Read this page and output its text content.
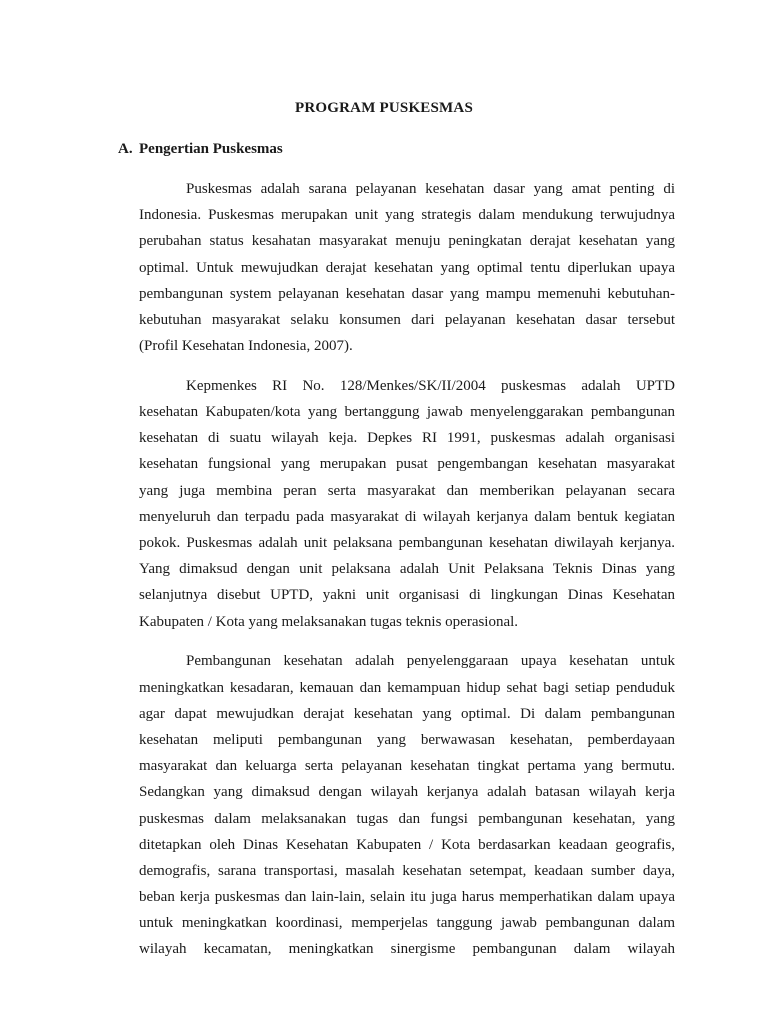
PROGRAM PUSKESMAS
A. Pengertian Puskesmas
Puskesmas adalah sarana pelayanan kesehatan dasar yang amat penting di
Indonesia. Puskesmas merupakan unit yang strategis dalam mendukung terwujudnya
perubahan status kesahatan masyarakat menuju peningkatan derajat kesehatan yang
optimal. Untuk mewujudkan derajat kesehatan yang optimal tentu diperlukan upaya
pembangunan system pelayanan kesehatan dasar yang mampu memenuhi kebutuhan-
kebutuhan masyarakat selaku konsumen dari pelayanan kesehatan dasar tersebut
(Profil Kesehatan Indonesia, 2007).
Kepmenkes RI No. 128/Menkes/SK/II/2004 puskesmas adalah UPTD
kesehatan Kabupaten/kota yang bertanggung jawab menyelenggarakan pembangunan
kesehatan di suatu wilayah keja. Depkes RI 1991, puskesmas adalah organisasi
kesehatan fungsional yang merupakan pusat pengembangan kesehatan masyarakat
yang juga membina peran serta masyarakat dan memberikan pelayanan secara
menyeluruh dan terpadu pada masyarakat di wilayah kerjanya dalam bentuk kegiatan
pokok. Puskesmas adalah unit pelaksana pembangunan kesehatan diwilayah kerjanya.
Yang dimaksud dengan unit pelaksana adalah Unit Pelaksana Teknis Dinas yang
selanjutnya disebut UPTD, yakni unit organisasi di lingkungan Dinas Kesehatan
Kabupaten / Kota yang melaksanakan tugas teknis operasional.
Pembangunan kesehatan adalah penyelenggaraan upaya kesehatan untuk
meningkatkan kesadaran, kemauan dan kemampuan hidup sehat bagi setiap penduduk
agar dapat mewujudkan derajat kesehatan yang optimal. Di dalam pembangunan
kesehatan meliputi pembangunan yang berwawasan kesehatan, pemberdayaan
masyarakat dan keluarga serta pelayanan kesehatan tingkat pertama yang bermutu.
Sedangkan yang dimaksud dengan wilayah kerjanya adalah batasan wilayah kerja
puskesmas dalam melaksanakan tugas dan fungsi pembangunan kesehatan, yang
ditetapkan oleh Dinas Kesehatan Kabupaten / Kota berdasarkan keadaan geografis,
demografis, sarana transportasi, masalah kesehatan setempat, keadaan sumber daya,
beban kerja puskesmas dan lain-lain, selain itu juga harus memperhatikan dalam upaya
untuk meningkatkan koordinasi, memperjelas tanggung jawab pembangunan dalam
wilayah kecamatan, meningkatkan sinergisme pembangunan dalam wilayah
